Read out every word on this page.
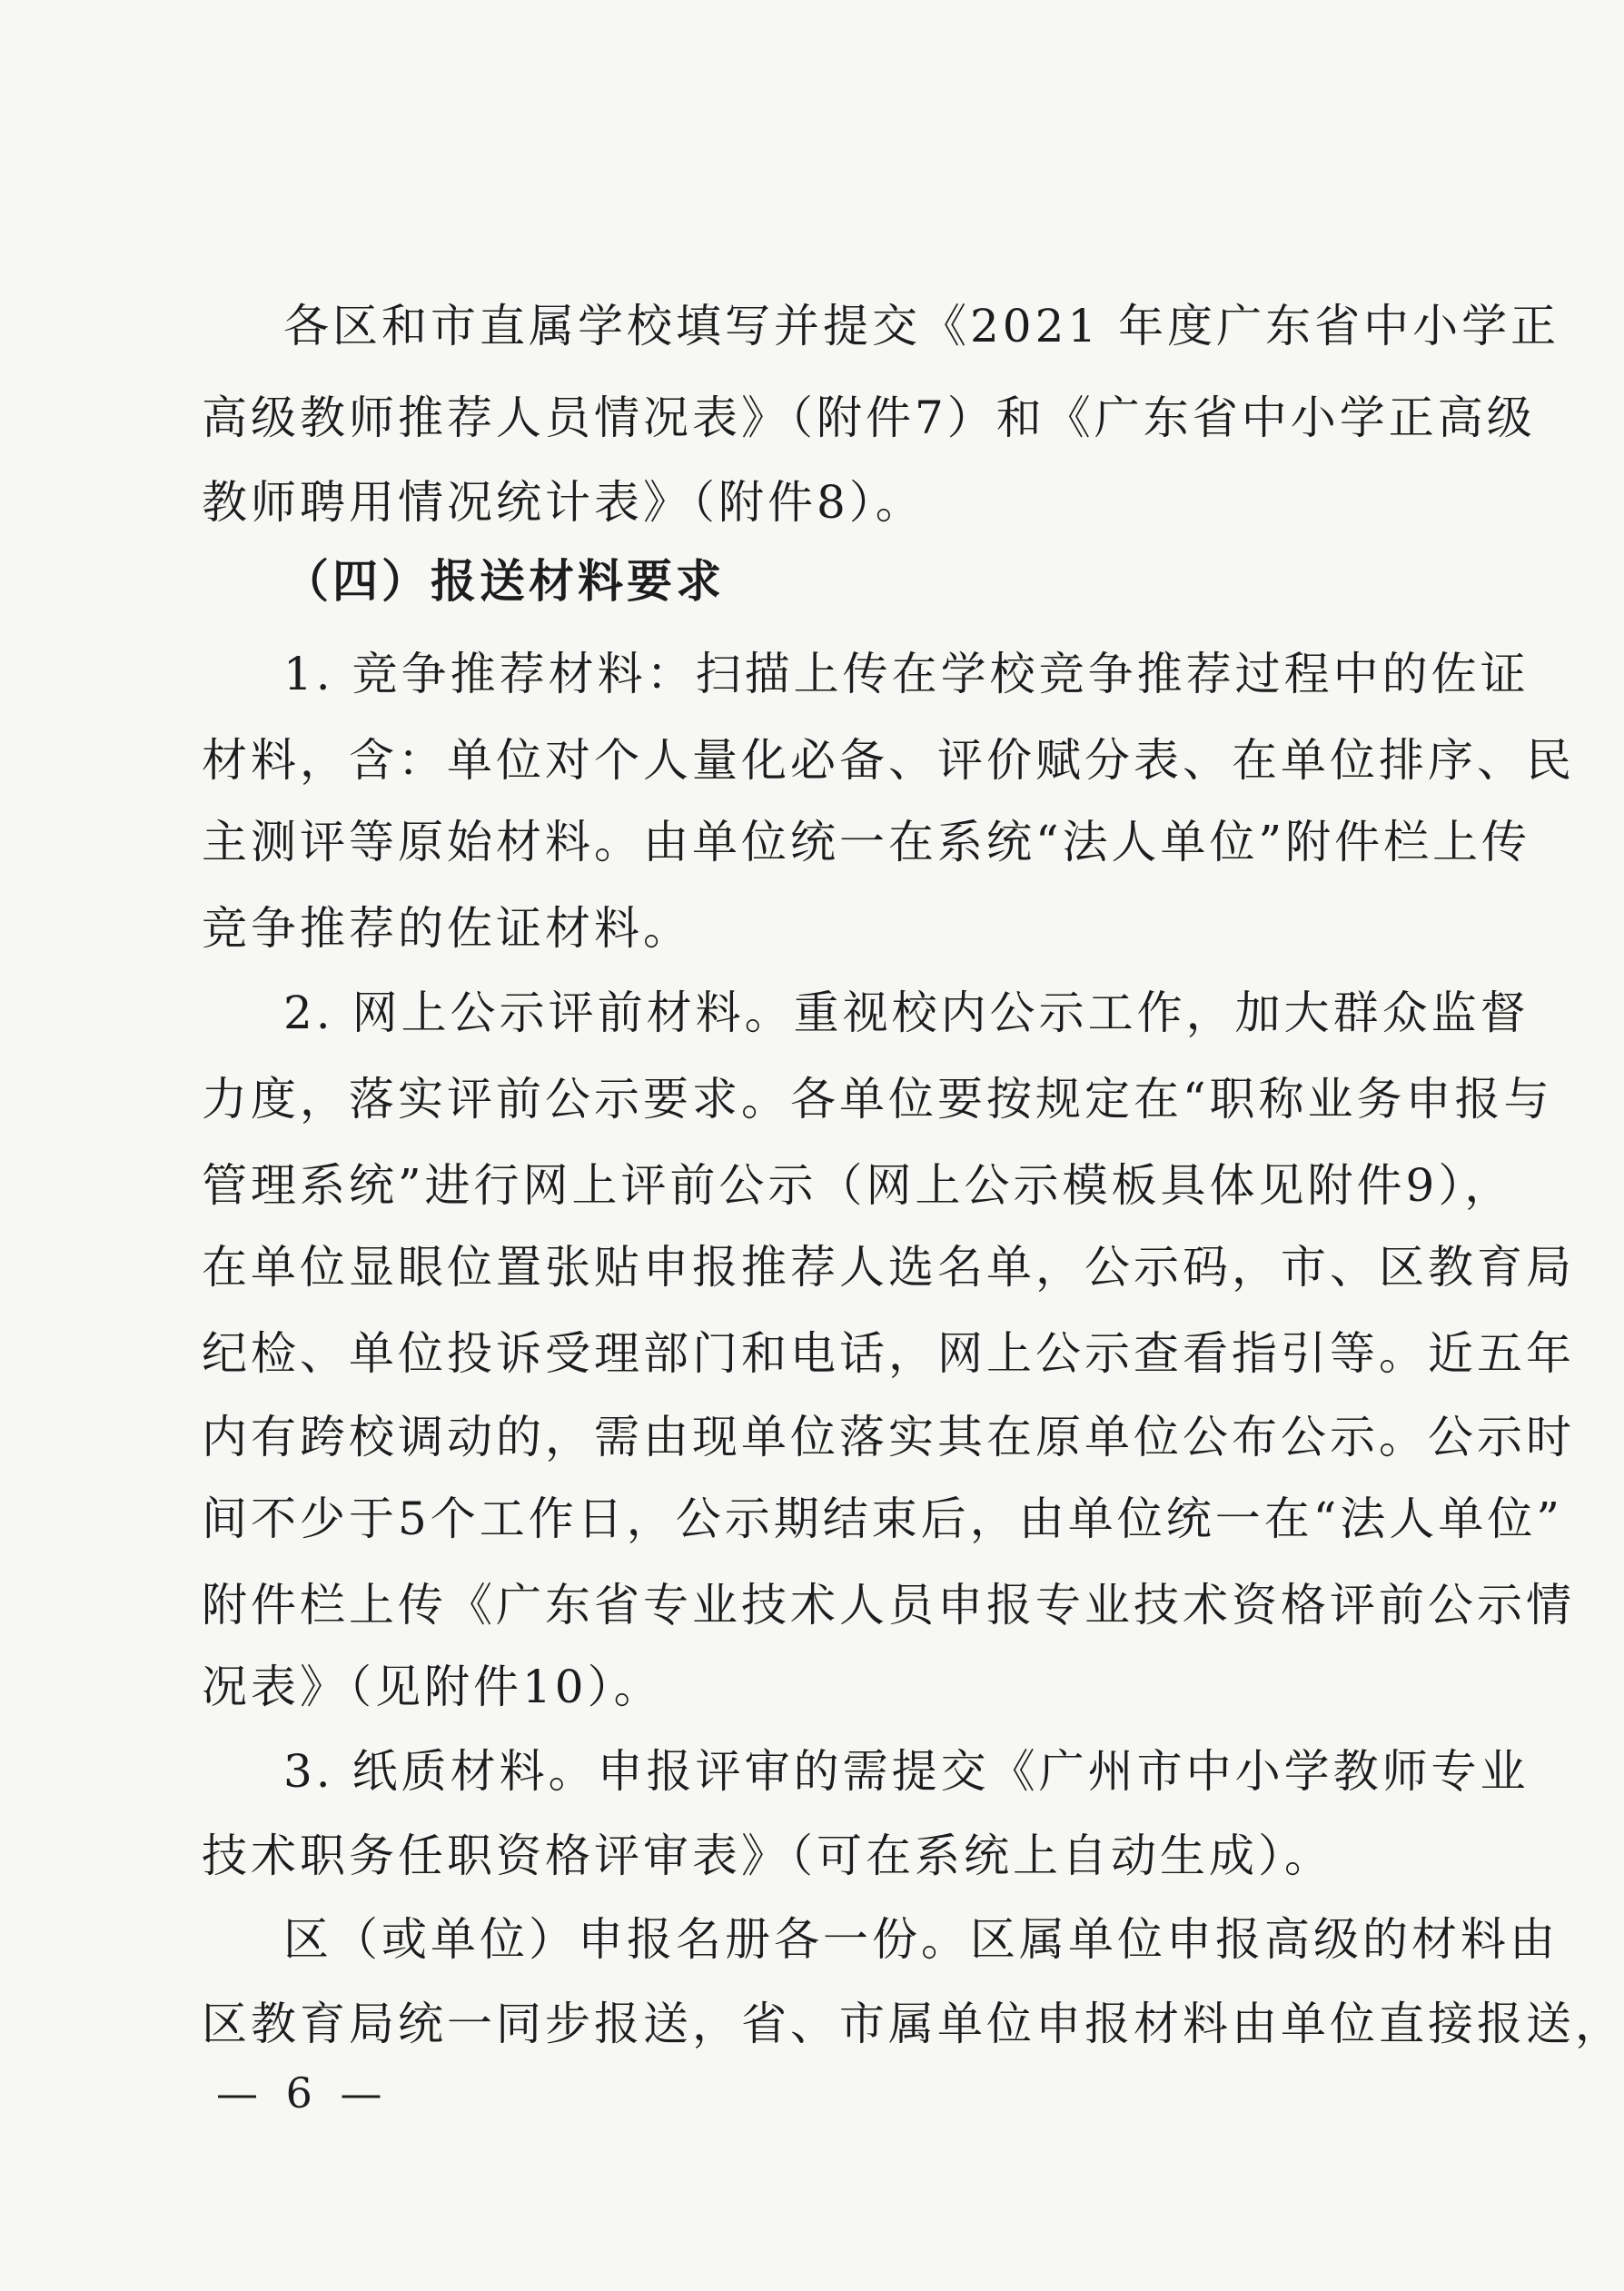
各区和市直属学校填写并提交《2021 年度广东省中小学正
高级教师推荐人员情况表》（附件7）和《广东省中小学正高级
教师聘用情况统计表》（附件8）。
（四）报送材料要求
1. 竞争推荐材料：扫描上传在学校竞争推荐过程中的佐证
材料，含：单位对个人量化必备、评价赋分表、在单位排序、民
主测评等原始材料。由单位统一在系统“法人单位”附件栏上传
竞争推荐的佐证材料。
2. 网上公示评前材料。重视校内公示工作，加大群众监督
力度，落实评前公示要求。各单位要按规定在“职称业务申报与
管理系统”进行网上评前公示（网上公示模板具体见附件9），
在单位显眼位置张贴申报推荐人选名单，公示码，市、区教育局
纪检、单位投诉受理部门和电话，网上公示查看指引等。近五年
内有跨校调动的，需由现单位落实其在原单位公布公示。公示时
间不少于5个工作日，公示期结束后，由单位统一在“法人单位”
附件栏上传《广东省专业技术人员申报专业技术资格评前公示情
况表》（见附件10）。
3. 纸质材料。申报评审的需提交《广州市中小学教师专业
技术职务任职资格评审表》（可在系统上自动生成）。
区（或单位）申报名册各一份。区属单位申报高级的材料由
区教育局统一同步报送，省、市属单位申报材料由单位直接报送，
— 6 —
